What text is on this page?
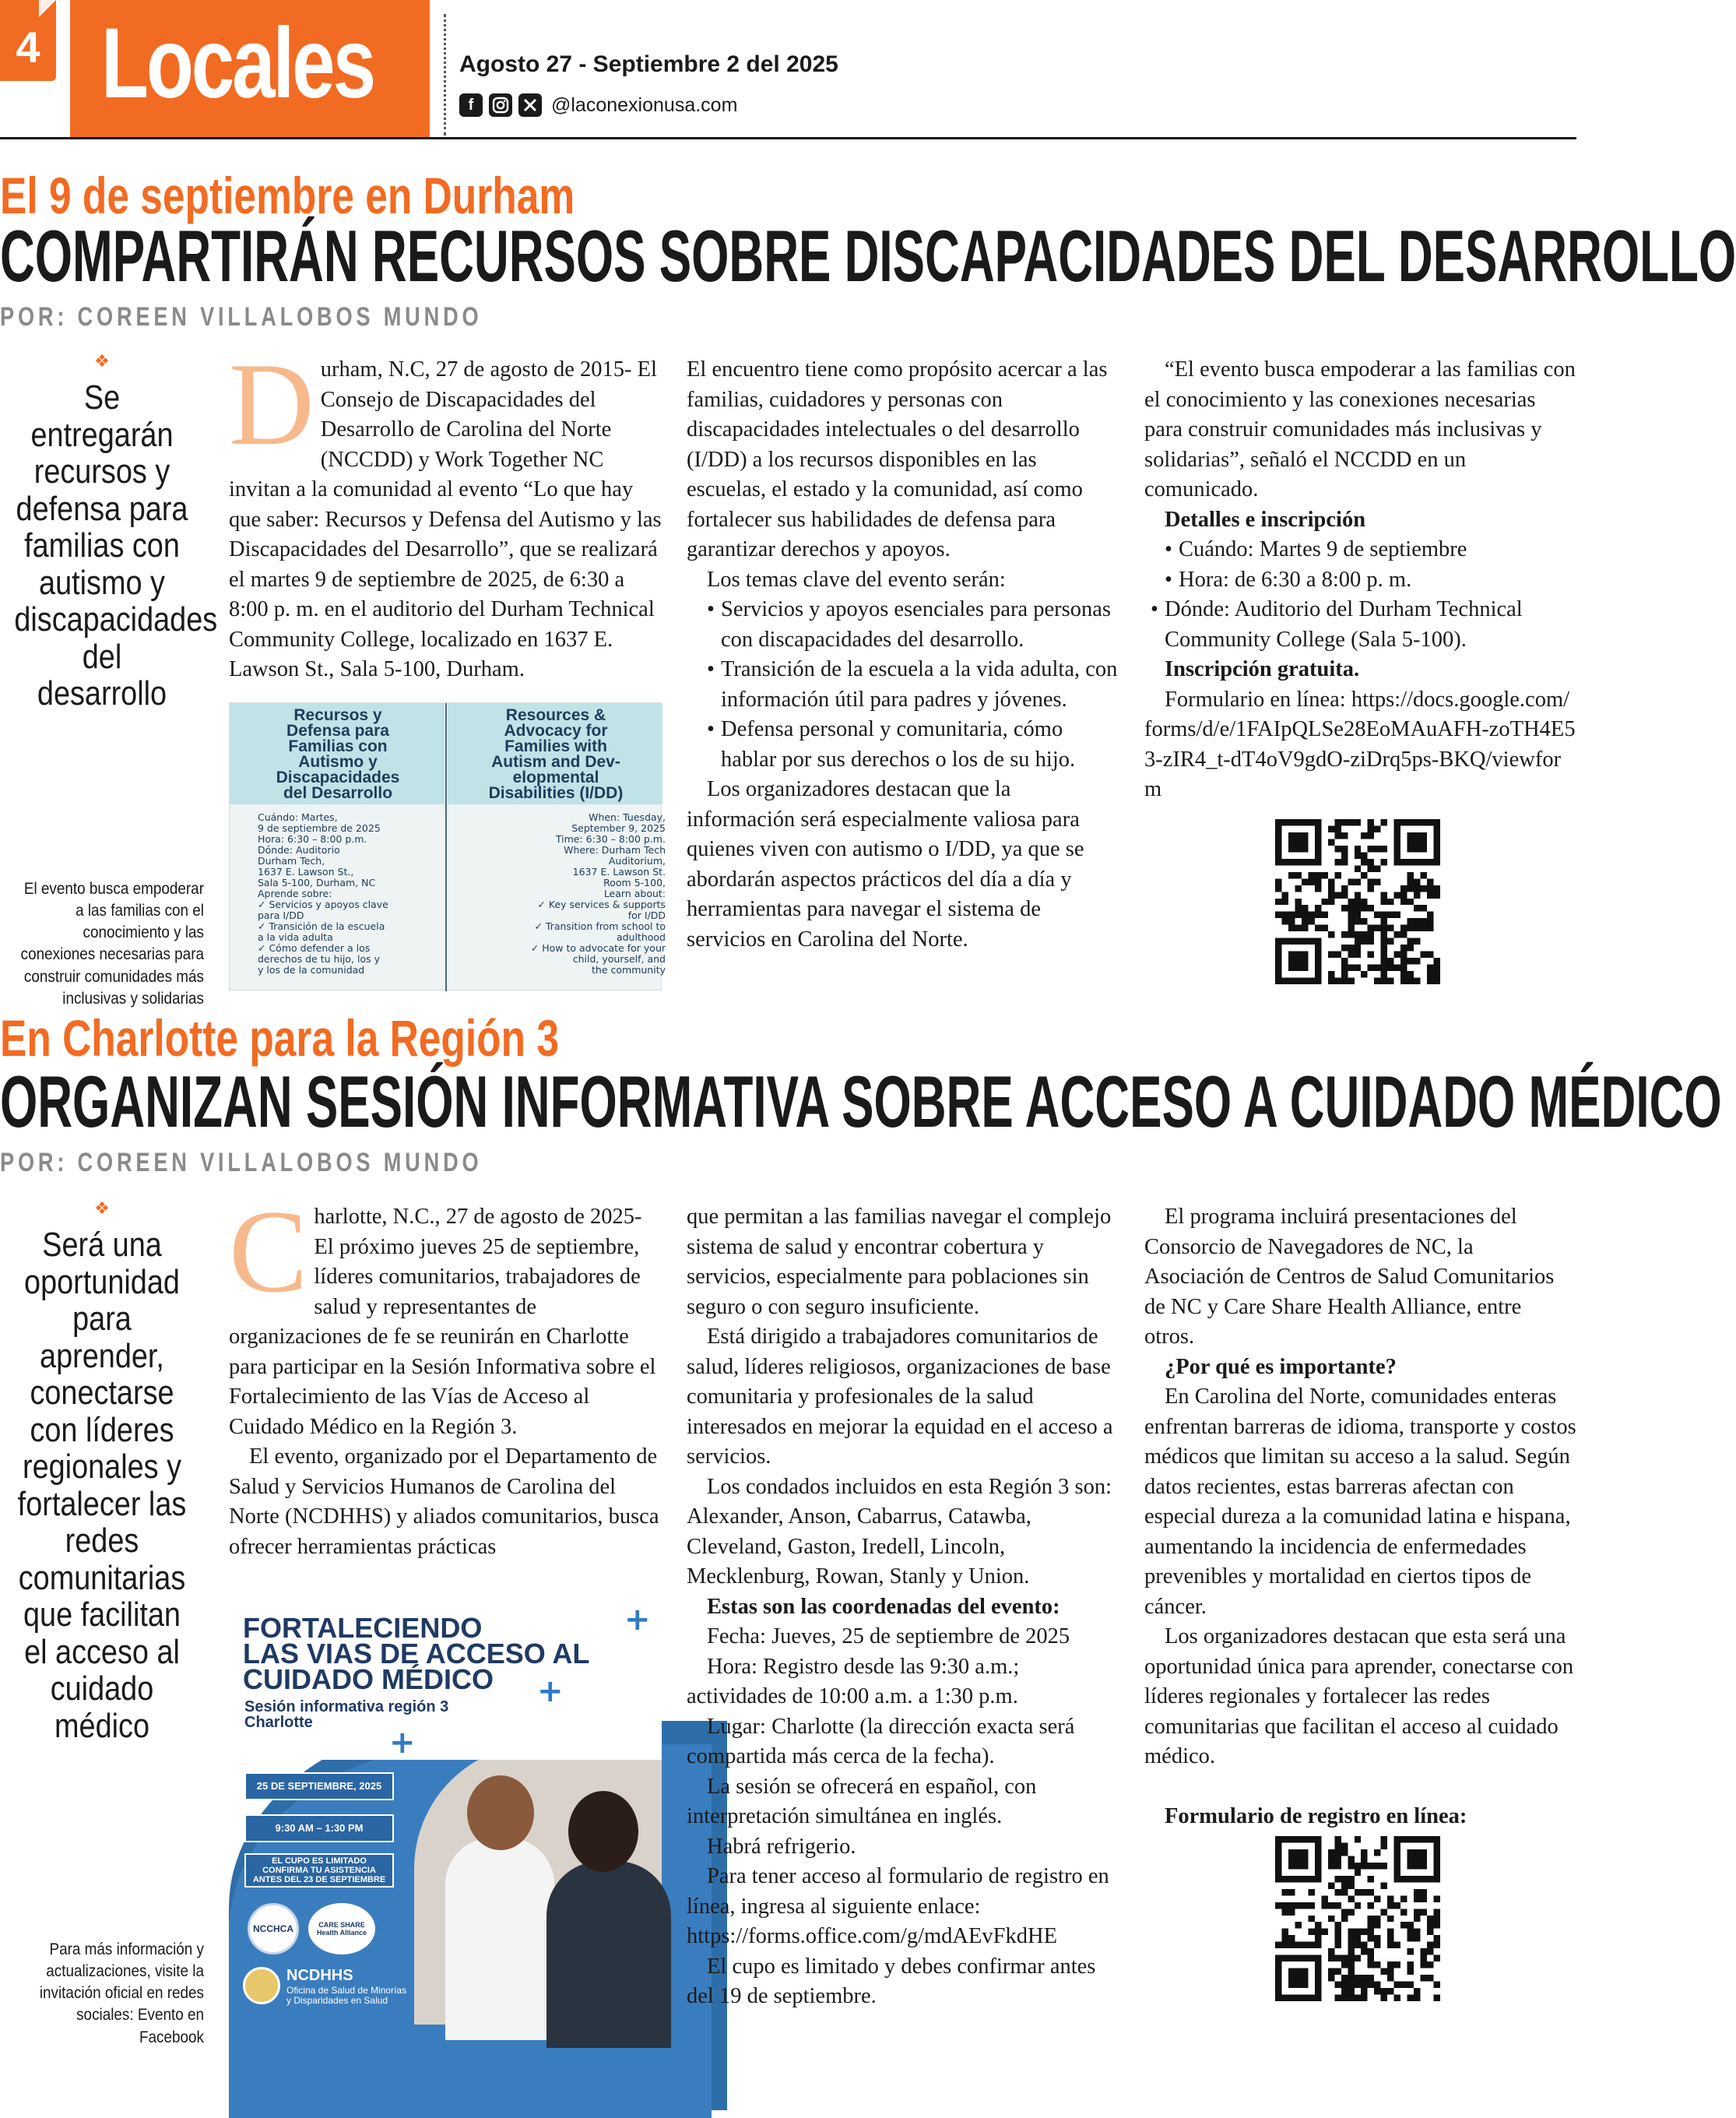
4 Locales	Agosto 27 - Septiembre 2 del 2025
f	@laconexionusa.com
El 9 de septiembre en Durham
COMPARTIRÁN RECURSOS SOBRE DISCAPACIDADES DEL DESARROLLO
POR: COREEN VILLALOBOS MUNDO
❖
Se entregarán recursos y defensa para familias con autismo y discapacidades del desarrollo
El evento busca empoderar a las familias con el conocimiento y las conexiones necesarias para construir comunidades más inclusivas y solidarias

Durham, N.C, 27 de agosto de 2015- El Consejo de Discapacidades del Desarrollo de Carolina del Norte (NCCDD) y Work Together NC invitan a la comunidad al evento “Lo que hay que saber: Recursos y Defensa del Autismo y las Discapacidades del Desarrollo”, que se realizará el martes 9 de septiembre de 2025, de 6:30 a 8:00 p. m. en el auditorio del Durham Technical Community College, localizado en 1637 E. Lawson St., Sala 5-100, Durham.

Recursos y
Defensa para
Familias con
Autismo y
Discapacidades
del Desarrollo
Resources &
Advocacy for
Families with
Autism and Dev-
elopmental
Disabilities (I/DD)
Cuándo: Martes,
9 de septiembre de 2025
Hora: 6:30 – 8:00 p.m.
Dónde: Auditorio
Durham Tech,
1637 E. Lawson St.,
Sala 5-100, Durham, NC
Aprende sobre:
✓ Servicios y apoyos clave
para I/DD
✓ Transición de la escuela
a la vida adulta
✓ Cómo defender a los
derechos de tu hijo, los y
y los de la comunidad
When: Tuesday,
September 9, 2025
Time: 6:30 – 8:00 p.m.
Where: Durham Tech
Auditorium,
1637 E. Lawson St.
Room 5-100,
Learn about:
✓ Key services & supports
for I/DD
✓ Transition from school to
adulthood
✓ How to advocate for your
child, yourself, and
the community

El encuentro tiene como propósito acercar a las familias, cuidadores y personas con discapacidades intelectuales o del desarrollo (I/DD) a los recursos disponibles en las escuelas, el estado y la comunidad, así como fortalecer sus habilidades de defensa para garantizar derechos y apoyos.

Los temas clave del evento serán:

• Servicios y apoyos esenciales para personas con discapacidades del desarrollo.
• Transición de la escuela a la vida adulta, con información útil para padres y jóvenes.
• Defensa personal y comunitaria, cómo hablar por sus derechos o los de su hijo.

Los organizadores destacan que la información será especialmente valiosa para quienes viven con autismo o I/DD, ya que se abordarán aspectos prácticos del día a día y herramientas para navegar el sistema de servicios en Carolina del Norte.

“El evento busca empoderar a las familias con el conocimiento y las conexiones necesarias para construir comunidades más inclusivas y solidarias”, señaló el NCCDD en un comunicado.

Detalles e inscripción

• Cuándo: Martes 9 de septiembre
• Hora: de 6:30 a 8:00 p. m.
• Dónde: Auditorio del Durham Technical Community College (Sala 5-100).

Inscripción gratuita.

Formulario en línea: https://docs.google.com/forms/d/e/1FAIpQLSe28EoMAuAFH-zoTH4E53-zIR4_t-dT4oV9gdO-ziDrq5ps-BKQ/viewform

En Charlotte para la Región 3
ORGANIZAN SESIÓN INFORMATIVA SOBRE ACCESO A CUIDADO MÉDICO
POR: COREEN VILLALOBOS MUNDO
❖
Será una oportunidad para aprender, conectarse con líderes regionales y fortalecer las redes comunitarias que facilitan el acceso al cuidado médico
Para más información y actualizaciones, visite la invitación oficial en redes sociales: Evento en Facebook

Charlotte, N.C., 27 de agosto de 2025- El próximo jueves 25 de septiembre, líderes comunitarios, trabajadores de salud y representantes de organizaciones de fe se reunirán en Charlotte para participar en la Sesión Informativa sobre el Fortalecimiento de las Vías de Acceso al Cuidado Médico en la Región 3.

El evento, organizado por el Departamento de Salud y Servicios Humanos de Carolina del Norte (NCDHHS) y aliados comunitarios, busca ofrecer herramientas prácticas

FORTALECIENDO
LAS VIAS DE ACCESO AL
CUIDADO MÉDICO
Sesión informativa región 3
Charlotte
+
+
+
25 DE SEPTIEMBRE, 2025
9:30 AM – 1:30 PM
EL CUPO ES LIMITADO
CONFIRMA TU ASISTENCIA
ANTES DEL 23 DE SEPTIEMBRE
NCCHCA	CARE SHARE
Health Alliance
NCDHHS
Oficina de Salud de Minorías
y Disparidades en Salud

que permitan a las familias navegar el complejo sistema de salud y encontrar cobertura y servicios, especialmente para poblaciones sin seguro o con seguro insuficiente.

Está dirigido a trabajadores comunitarios de salud, líderes religiosos, organizaciones de base comunitaria y profesionales de la salud interesados en mejorar la equidad en el acceso a servicios.

Los condados incluidos en esta Región 3 son: Alexander, Anson, Cabarrus, Catawba, Cleveland, Gaston, Iredell, Lincoln, Mecklenburg, Rowan, Stanly y Union.

Estas son las coordenadas del evento:

Fecha: Jueves, 25 de septiembre de 2025

Hora: Registro desde las 9:30 a.m.; actividades de 10:00 a.m. a 1:30 p.m.

Lugar: Charlotte (la dirección exacta será compartida más cerca de la fecha).

La sesión se ofrecerá en español, con interpretación simultánea en inglés.

Habrá refrigerio.

Para tener acceso al formulario de registro en línea, ingresa al siguiente enlace: https://forms.office.com/g/mdAEvFkdHE

El cupo es limitado y debes confirmar antes del 19 de septiembre.

El programa incluirá presentaciones del Consorcio de Navegadores de NC, la Asociación de Centros de Salud Comunitarios de NC y Care Share Health Alliance, entre otros.

¿Por qué es importante?

En Carolina del Norte, comunidades enteras enfrentan barreras de idioma, transporte y costos médicos que limitan su acceso a la salud. Según datos recientes, estas barreras afectan con especial dureza a la comunidad latina e hispana, aumentando la incidencia de enfermedades prevenibles y mortalidad en ciertos tipos de cáncer.

Los organizadores destacan que esta será una oportunidad única para aprender, conectarse con líderes regionales y fortalecer las redes comunitarias que facilitan el acceso al cuidado médico.

Formulario de registro en línea:
